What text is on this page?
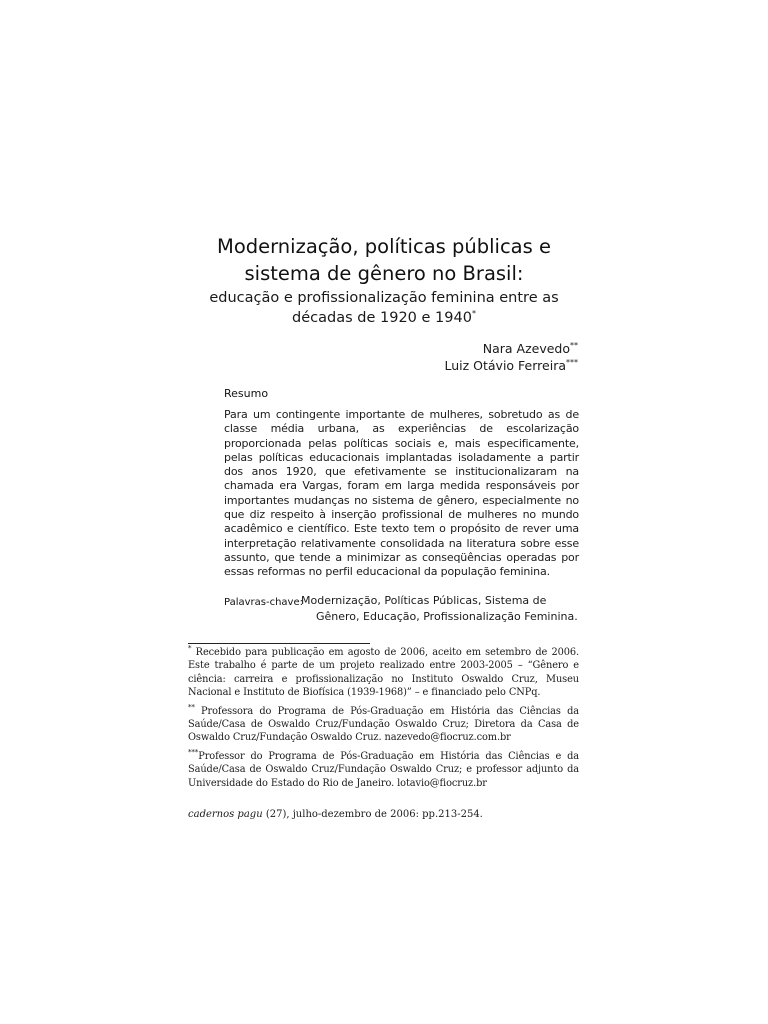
Modernização, políticas públicas e
sistema de gênero no Brasil:
educação e profissionalização feminina entre as
décadas de 1920 e 1940*
Nara Azevedo**
Luiz Otávio Ferreira***
Resumo
Para um contingente importante de mulheres, sobretudo as de classe média urbana, as experiências de escolarização proporcionada pelas políticas sociais e, mais especificamente, pelas políticas educacionais implantadas isoladamente a partir dos anos 1920, que efetivamente se institucionalizaram na chamada era Vargas, foram em larga medida responsáveis por importantes mudanças no sistema de gênero, especialmente no que diz respeito à inserção profissional de mulheres no mundo acadêmico e científico. Este texto tem o propósito de rever uma interpretação relativamente consolidada na literatura sobre esse assunto, que tende a minimizar as conseqüências operadas por essas reformas no perfil educacional da população feminina.
Palavras-chave:
Modernização, Políticas Públicas, Sistema de
Gênero, Educação, Profissionalização Feminina.

* Recebido para publicação em agosto de 2006, aceito em setembro de 2006. Este trabalho é parte de um projeto realizado entre 2003-2005 – “Gênero e ciência: carreira e profissionalização no Instituto Oswaldo Cruz, Museu Nacional e Instituto de Biofísica (1939-1968)” – e financiado pelo CNPq.

** Professora do Programa de Pós-Graduação em História das Ciências da Saúde/Casa de Oswaldo Cruz/Fundação Oswaldo Cruz; Diretora da Casa de Oswaldo Cruz/Fundação Oswaldo Cruz. nazevedo@fiocruz.com.br

***Professor do Programa de Pós-Graduação em História das Ciências e da Saúde/Casa de Oswaldo Cruz/Fundação Oswaldo Cruz; e professor adjunto da Universidade do Estado do Rio de Janeiro. lotavio@fiocruz.br

cadernos pagu (27), julho-dezembro de 2006: pp.213-254.
